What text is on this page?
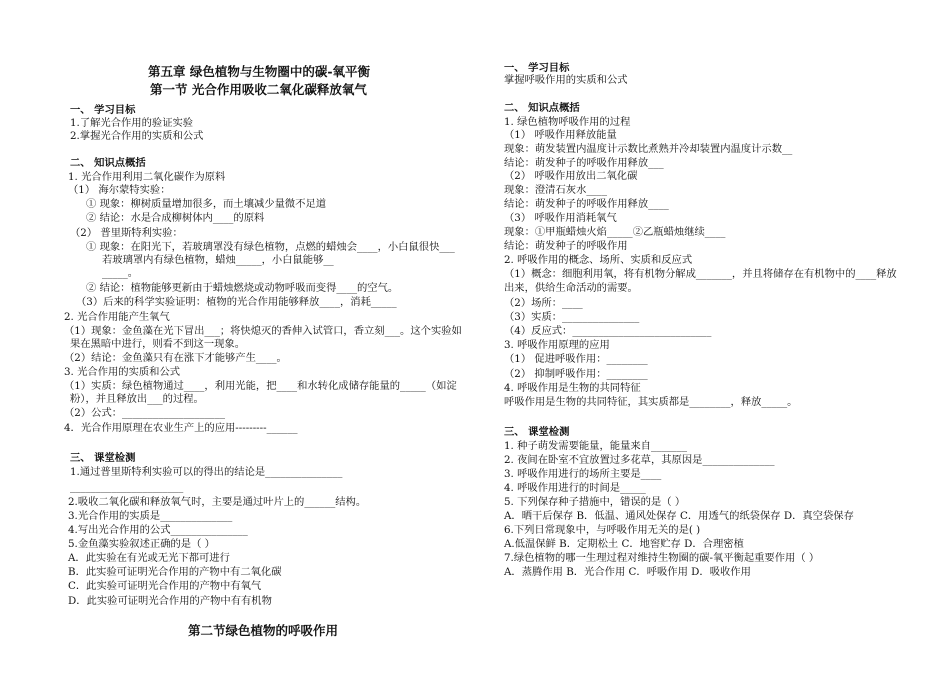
第五章 绿色植物与生物圈中的碳-氧平衡
第一节 光合作用吸收二氧化碳释放氧气
一、 学习目标
1.了解光合作用的验证实验
2.掌握光合作用的实质和公式
二、 知识点概括
1. 光合作用利用二氧化碳作为原料
（1） 海尔蒙特实验：
① 现象：柳树质量增加很多，而土壤减少量微不足道
② 结论：水是合成柳树体内____的原料
（2） 普里斯特利实验：
① 现象：在阳光下，若玻璃罩没有绿色植物，点燃的蜡烛会____，小白鼠很快___
若玻璃罩内有绿色植物，蜡烛_____，小白鼠能够__
_____。
② 结论：植物能够更新由于蜡烛燃烧或动物呼吸而变得____的空气。
（3）后来的科学实验证明：植物的光合作用能够释放____，消耗_____
2. 光合作用能产生氧气
（1）现象：金鱼藻在光下冒出___；将快熄灭的香伸入试管口，香立刻___。这个实验如
果在黑暗中进行，则看不到这一现象。
（2）结论：金鱼藻只有在涨下才能够产生____。
3. 光合作用的实质和公式
（1）实质：绿色植物通过____，利用光能，把____和水转化成储存能量的_____（如淀
粉），并且释放出___的过程。
（2）公式：____________________
4．光合作用原理在农业生产上的应用---------______
三、 课堂检测
1.通过普里斯特利实验可以的得出的结论是_______________
______________________
2.吸收二氧化碳和释放氧气时，主要是通过叶片上的______结构。
3.光合作用的实质是______________
4.写出光合作用的公式_______________
5.金鱼藻实验叙述正确的是（ ）
A．此实验在有光或无光下都可进行
B．此实验可证明光合作用的产物中有二氧化碳
C．此实验可证明光合作用的产物中有氧气
D．此实验可证明光合作用的产物中有有机物
第二节绿色植物的呼吸作用
一、 学习目标
掌握呼吸作用的实质和公式
二、 知识点概括
1. 绿色植物呼吸作用的过程
（1） 呼吸作用释放能量
现象：萌发装置内温度计示数比煮熟并冷却装置内温度计示数__
结论：萌发种子的呼吸作用释放___
（2） 呼吸作用放出二氧化碳
现象：澄清石灰水____
结论：萌发种子的呼吸作用释放____
（3） 呼吸作用消耗氧气
现象：①甲瓶蜡烛火焰_____②乙瓶蜡烛继续____
结论：萌发种子的呼吸作用
2. 呼吸作用的概念、场所、实质和反应式
（1）概念：细胞利用氧，将有机物分解成_______，并且将储存在有机物中的____释放
出来，供给生命活动的需要。
（2）场所：____
（3）实质：_______________
（4）反应式：___________________________
3. 呼吸作用原理的应用
（1） 促进呼吸作用：________
（2） 抑制呼吸作用：________
4. 呼吸作用是生物的共同特征
呼吸作用是生物的共同特征，其实质都是________，释放_____。
三、 课堂检测
1. 种子萌发需要能量，能量来自_______
2. 夜间在卧室不宜放置过多花草，其原因是______________
3. 呼吸作用进行的场所主要是____
4. 呼吸作用进行的时间是_____
5. 下列保存种子措施中，错误的是（ ）
A．晒干后保存 B．低温、通风处保存 C．用透气的纸袋保存 D．真空袋保存
6.下列日常现象中，与呼吸作用无关的是( )
A.低温保鲜 B．定期松土 C．地窖贮存 D．合理密植
7.绿色植物的哪一生理过程对维持生物圈的碳-氧平衡起重要作用（ ）
A．蒸腾作用 B．光合作用 C．呼吸作用 D．吸收作用
